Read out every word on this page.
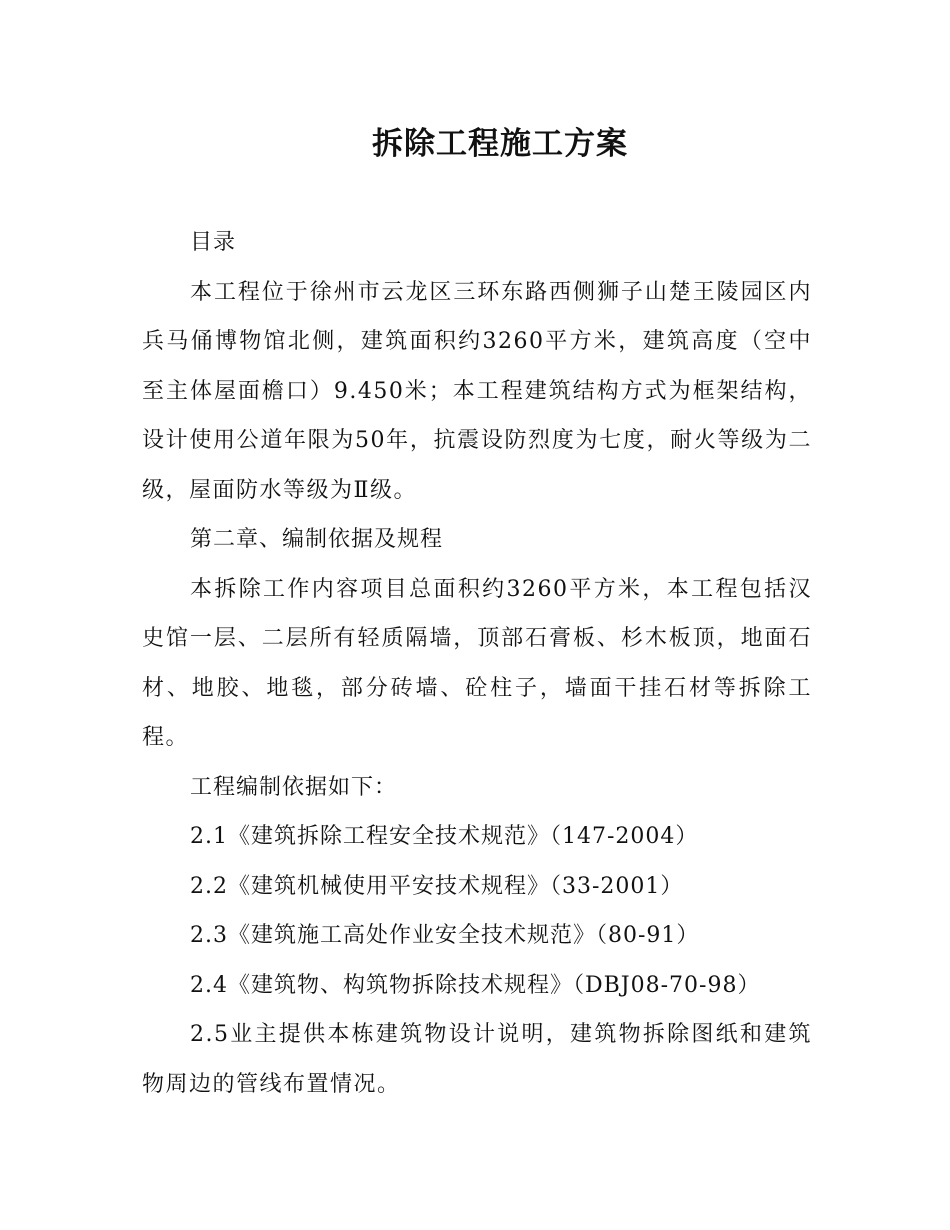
拆除工程施工方案

目录

本工程位于徐州市云龙区三环东路西侧狮子山楚王陵园区内兵马俑博物馆北侧，建筑面积约3260平方米，建筑高度（空中至主体屋面檐口）9.450米；本工程建筑结构方式为框架结构，设计使用公道年限为50年，抗震设防烈度为七度，耐火等级为二级，屋面防水等级为Ⅱ级。

第二章、编制依据及规程

本拆除工作内容项目总面积约3260平方米，本工程包括汉史馆一层、二层所有轻质隔墙，顶部石膏板、杉木板顶，地面石材、地胶、地毯，部分砖墙、砼柱子，墙面干挂石材等拆除工程。

工程编制依据如下：

2.1《建筑拆除工程安全技术规范》（147-2004）

2.2《建筑机械使用平安技术规程》（33-2001）

2.3《建筑施工高处作业安全技术规范》（80-91）

2.4《建筑物、构筑物拆除技术规程》（DBJ08-70-98）

2.5业主提供本栋建筑物设计说明，建筑物拆除图纸和建筑物周边的管线布置情况。
